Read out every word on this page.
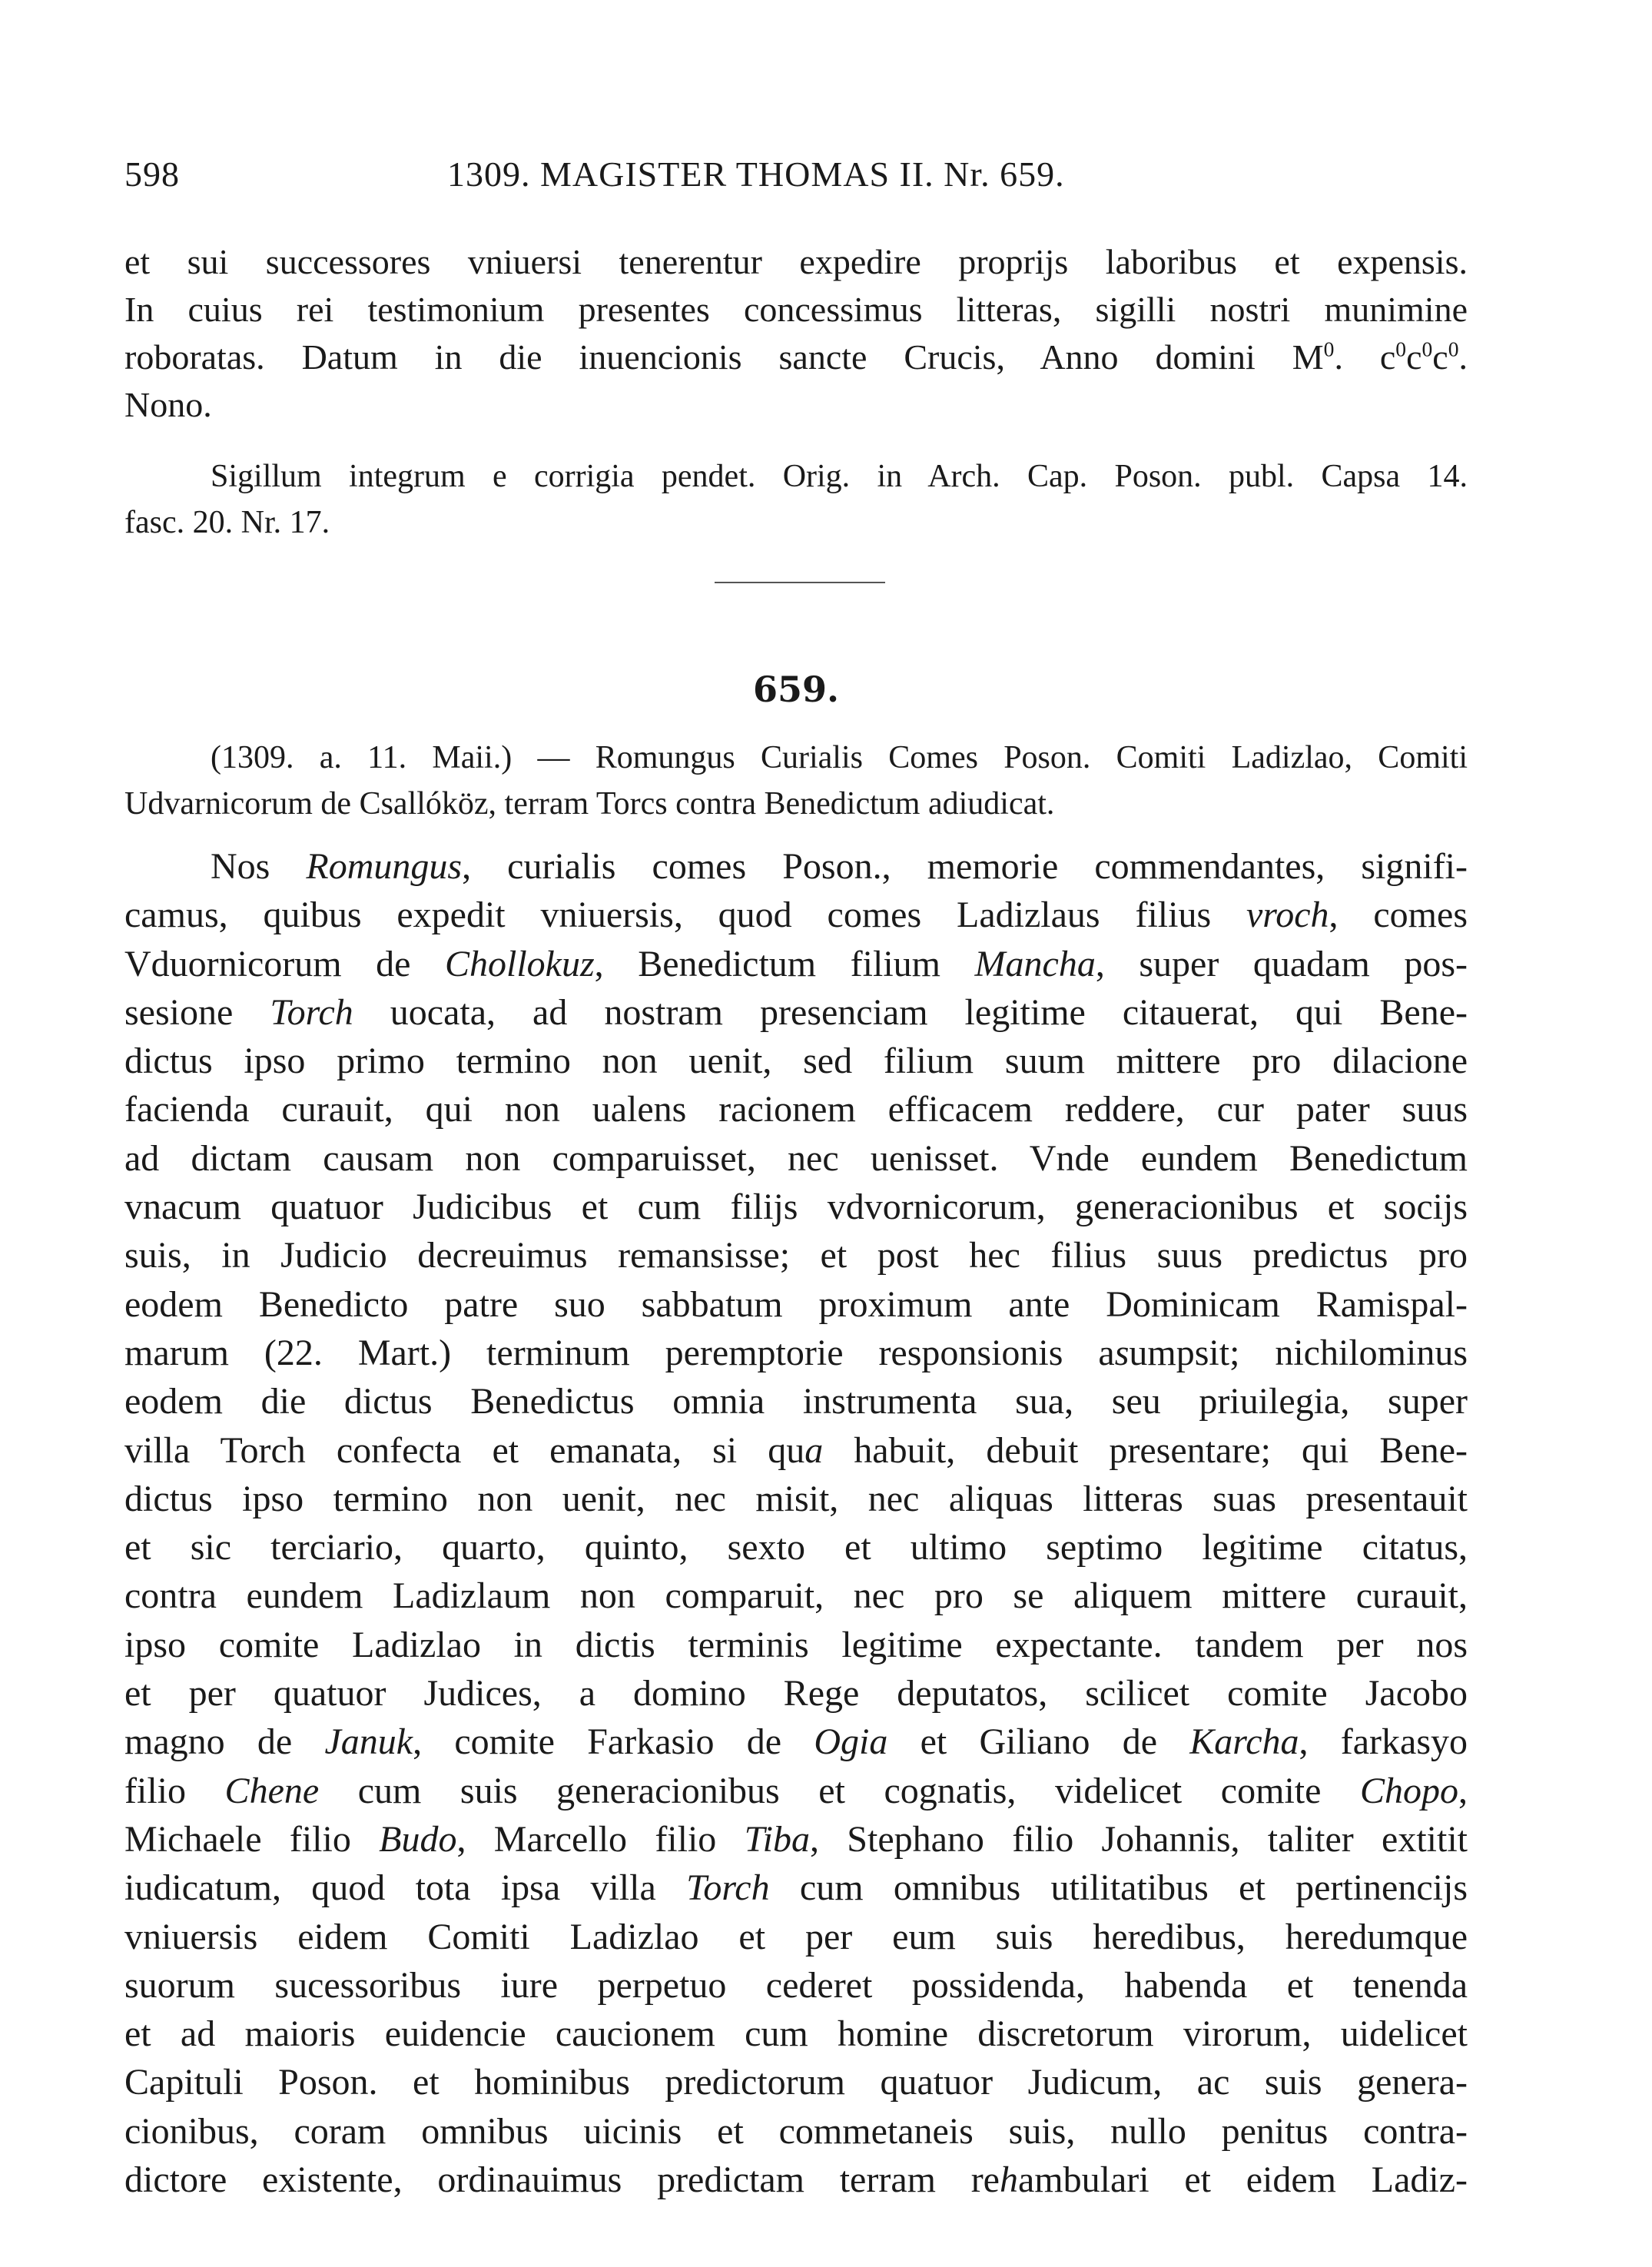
598	1309. MAGISTER THOMAS II. Nr. 659.
et sui successores vniuersi tenerentur expedire proprijs laboribus et expensis.
In cuius rei testimonium presentes concessimus litteras, sigilli nostri munimine
roboratas. Datum in die inuencionis sancte Crucis, Anno domini $M^0$. $c^0c^0c^0$.
Nono.
Sigillum integrum e corrigia pendet. Orig. in Arch. Cap. Poson. publ. Capsa 14.
fasc. 20. Nr. 17.
659.
(1309. a. 11. Maii.) — Romungus Curialis Comes Poson. Comiti Ladizlao, Comiti
Udvarnicorum de Csallóköz, terram Torcs contra Benedictum adiudicat.
Nos Romungus, curialis comes Poson., memorie commendantes, signifi-
camus, quibus expedit vniuersis, quod comes Ladizlaus filius vroch, comes
Vduornicorum de Chollokuz, Benedictum filium Mancha, super quadam pos-
sesione Torch uocata, ad nostram presenciam legitime citauerat, qui Bene-
dictus ipso primo termino non uenit, sed filium suum mittere pro dilacione
facienda curauit, qui non ualens racionem efficacem reddere, cur pater suus
ad dictam causam non comparuisset, nec uenisset. Vnde eundem Benedictum
vnacum quatuor Judicibus et cum filijs vdvornicorum, generacionibus et socijs
suis, in Judicio decreuimus remansisse; et post hec filius suus predictus pro
eodem Benedicto patre suo sabbatum proximum ante Dominicam Ramispal-
marum (22. Mart.) terminum peremptorie responsionis asumpsit; nichilominus
eodem die dictus Benedictus omnia instrumenta sua, seu priuilegia, super
villa Torch confecta et emanata, si qua habuit, debuit presentare; qui Bene-
dictus ipso termino non uenit, nec misit, nec aliquas litteras suas presentauit
et sic terciario, quarto, quinto, sexto et ultimo septimo legitime citatus,
contra eundem Ladizlaum non comparuit, nec pro se aliquem mittere curauit,
ipso comite Ladizlao in dictis terminis legitime expectante. tandem per nos
et per quatuor Judices, a domino Rege deputatos, scilicet comite Jacobo
magno de Januk, comite Farkasio de Ogia et Giliano de Karcha, farkasyo
filio Chene cum suis generacionibus et cognatis, videlicet comite Chopo,
Michaele filio Budo, Marcello filio Tiba, Stephano filio Johannis, taliter extitit
iudicatum, quod tota ipsa villa Torch cum omnibus utilitatibus et pertinencijs
vniuersis eidem Comiti Ladizlao et per eum suis heredibus, heredumque
suorum sucessoribus iure perpetuo cederet possidenda, habenda et tenenda
et ad maioris euidencie caucionem cum homine discretorum virorum, uidelicet
Capituli Poson. et hominibus predictorum quatuor Judicum, ac suis genera-
cionibus, coram omnibus uicinis et commetaneis suis, nullo penitus contra-
dictore existente, ordinauimus predictam terram rehambulari et eidem Ladiz-
